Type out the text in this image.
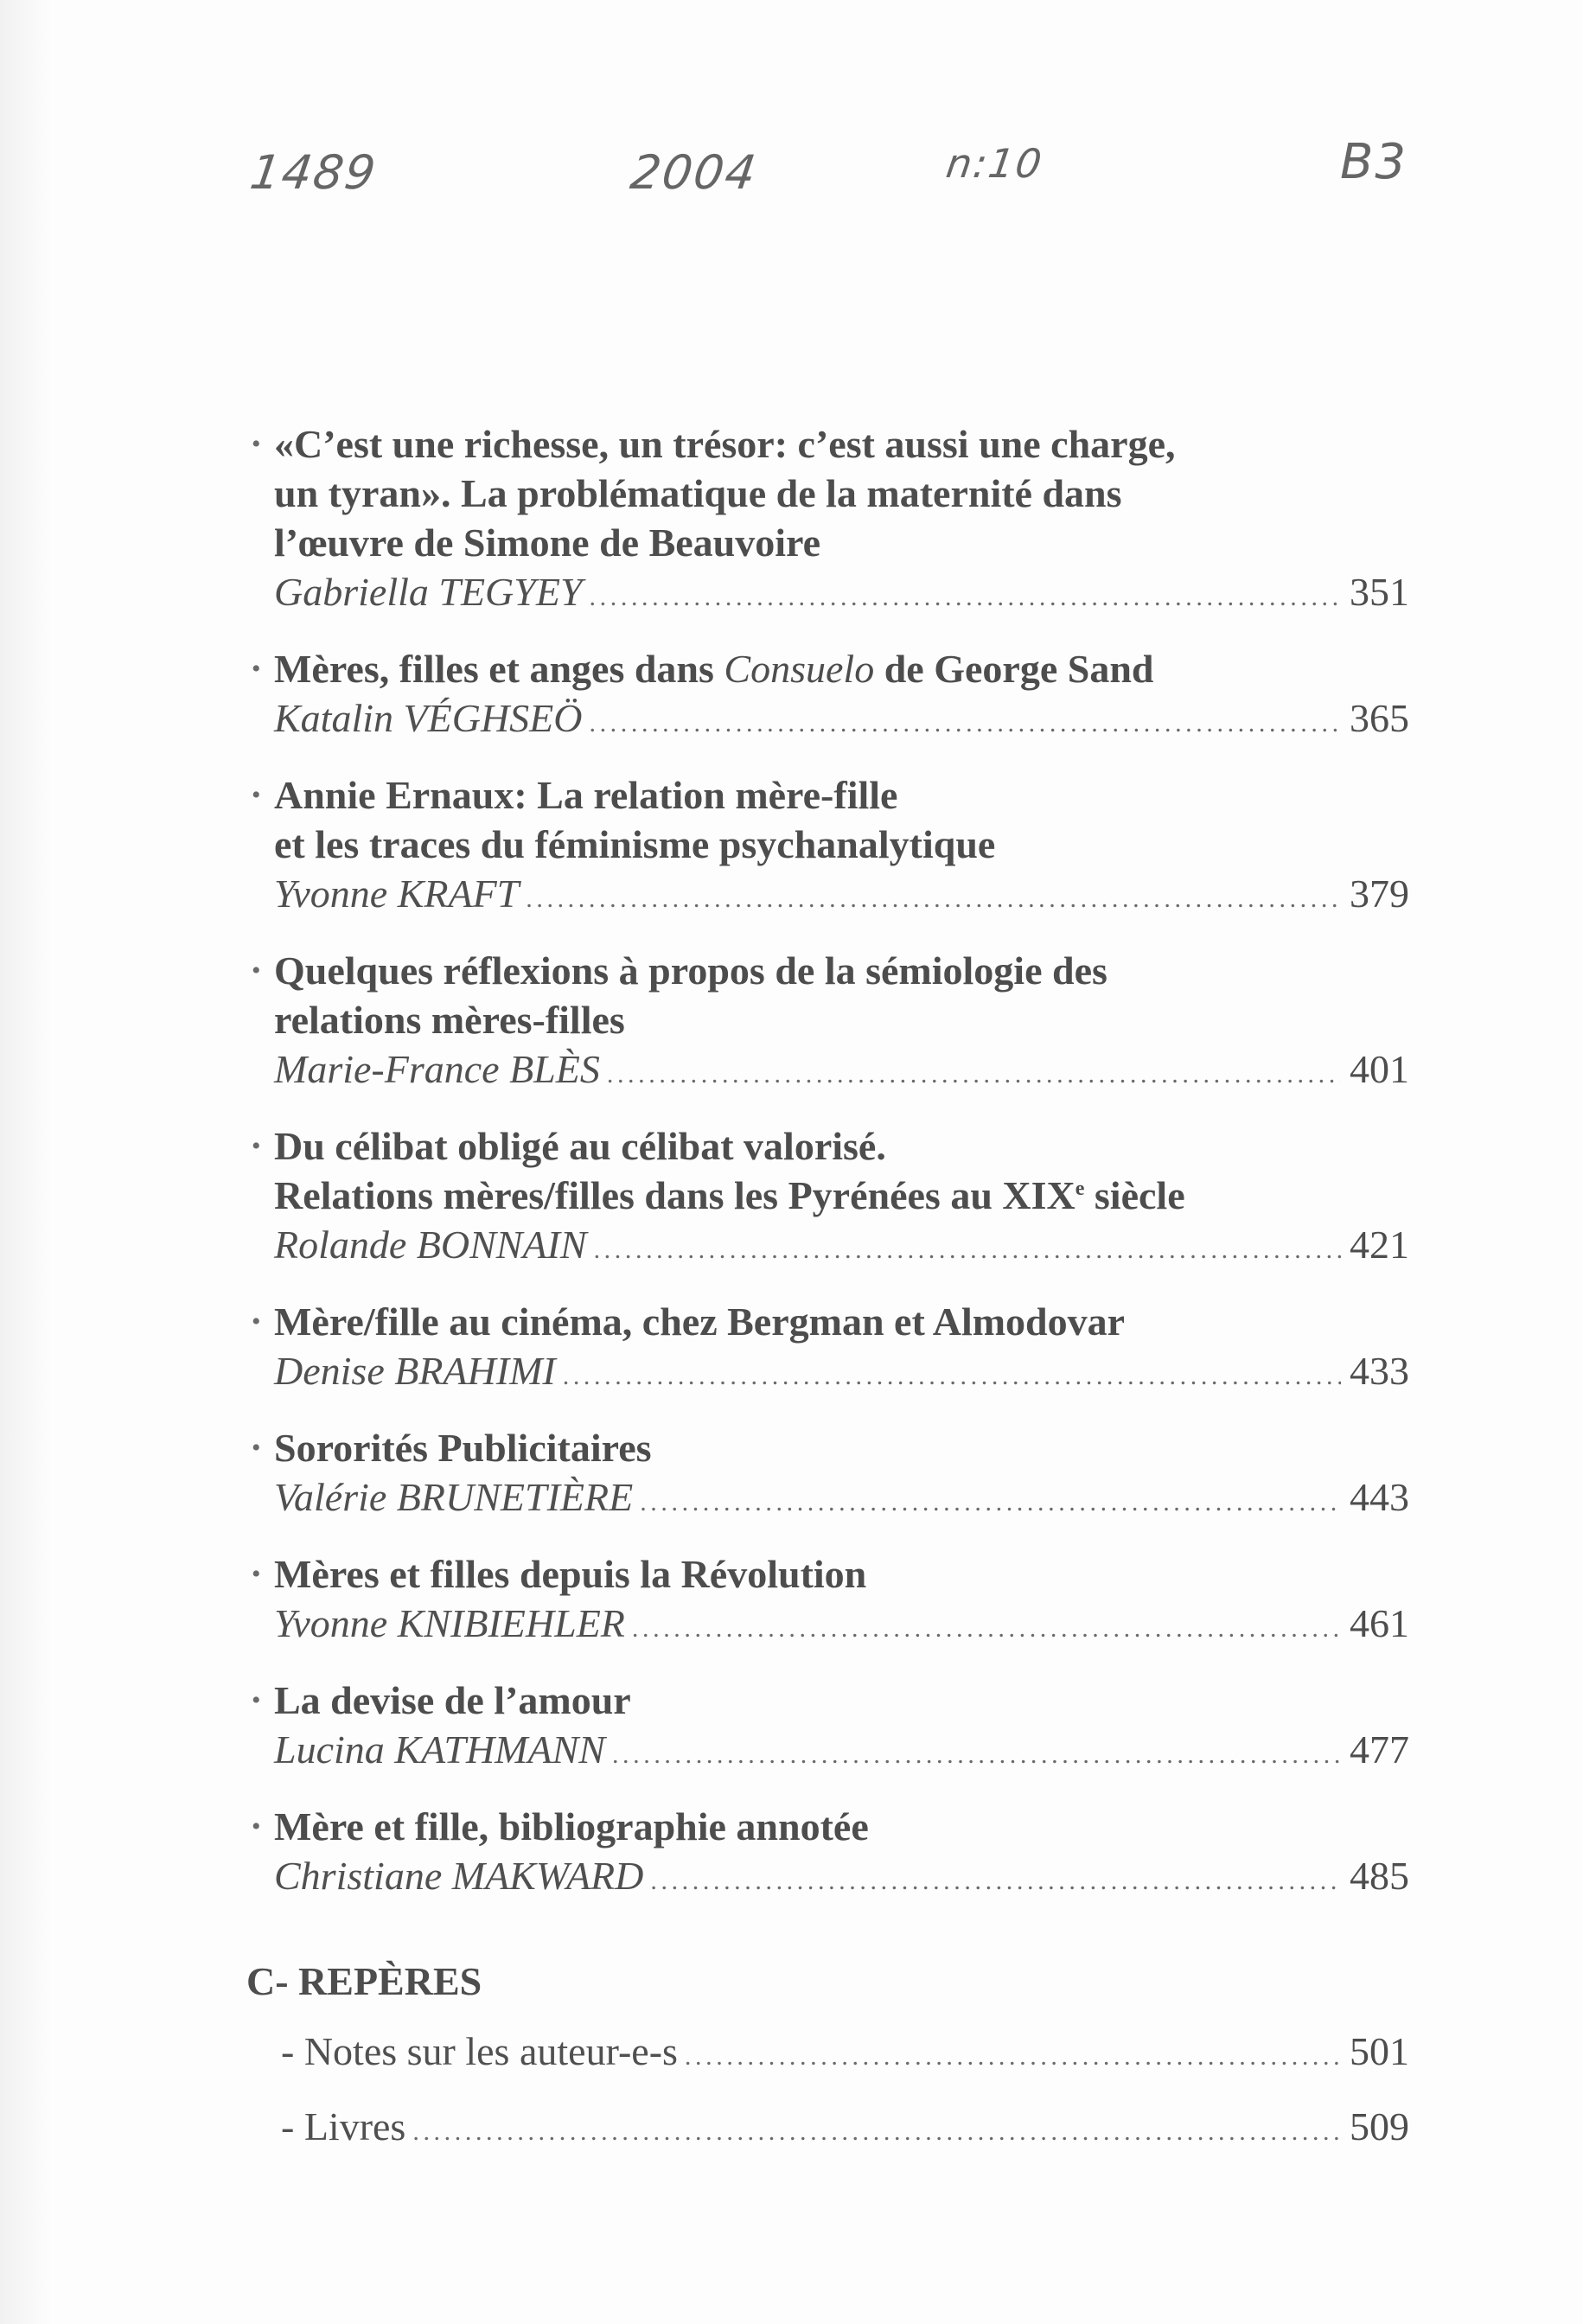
1489	2004	n:10	B3
• «C’est une richesse, un trésor: c’est aussi une charge,
un tyran». La problématique de la maternité dans
l’œuvre de Simone de Beauvoire
Gabriella TEGYEY .....	351
• Mères, filles et anges dans Consuelo de George Sand
Katalin VÉGHSEÖ .....	365
• Annie Ernaux: La relation mère-fille
et les traces du féminisme psychanalytique
Yvonne KRAFT .....	379
• Quelques réflexions à propos de la sémiologie des
relations mères-filles
Marie-France BLÈS .....	401
• Du célibat obligé au célibat valorisé.
Relations mères/filles dans les Pyrénées au XIXe siècle
Rolande BONNAIN .....	421
• Mère/fille au cinéma, chez Bergman et Almodovar
Denise BRAHIMI .....	433
• Sororités Publicitaires
Valérie BRUNETIÈRE .....	443
• Mères et filles depuis la Révolution
Yvonne KNIBIEHLER .....	461
• La devise de l’amour
Lucina KATHMANN .....	477
• Mère et fille, bibliographie annotée
Christiane MAKWARD .....	485
C- REPÈRES
- Notes sur les auteur-e-s .....	501
- Livres .....	509
